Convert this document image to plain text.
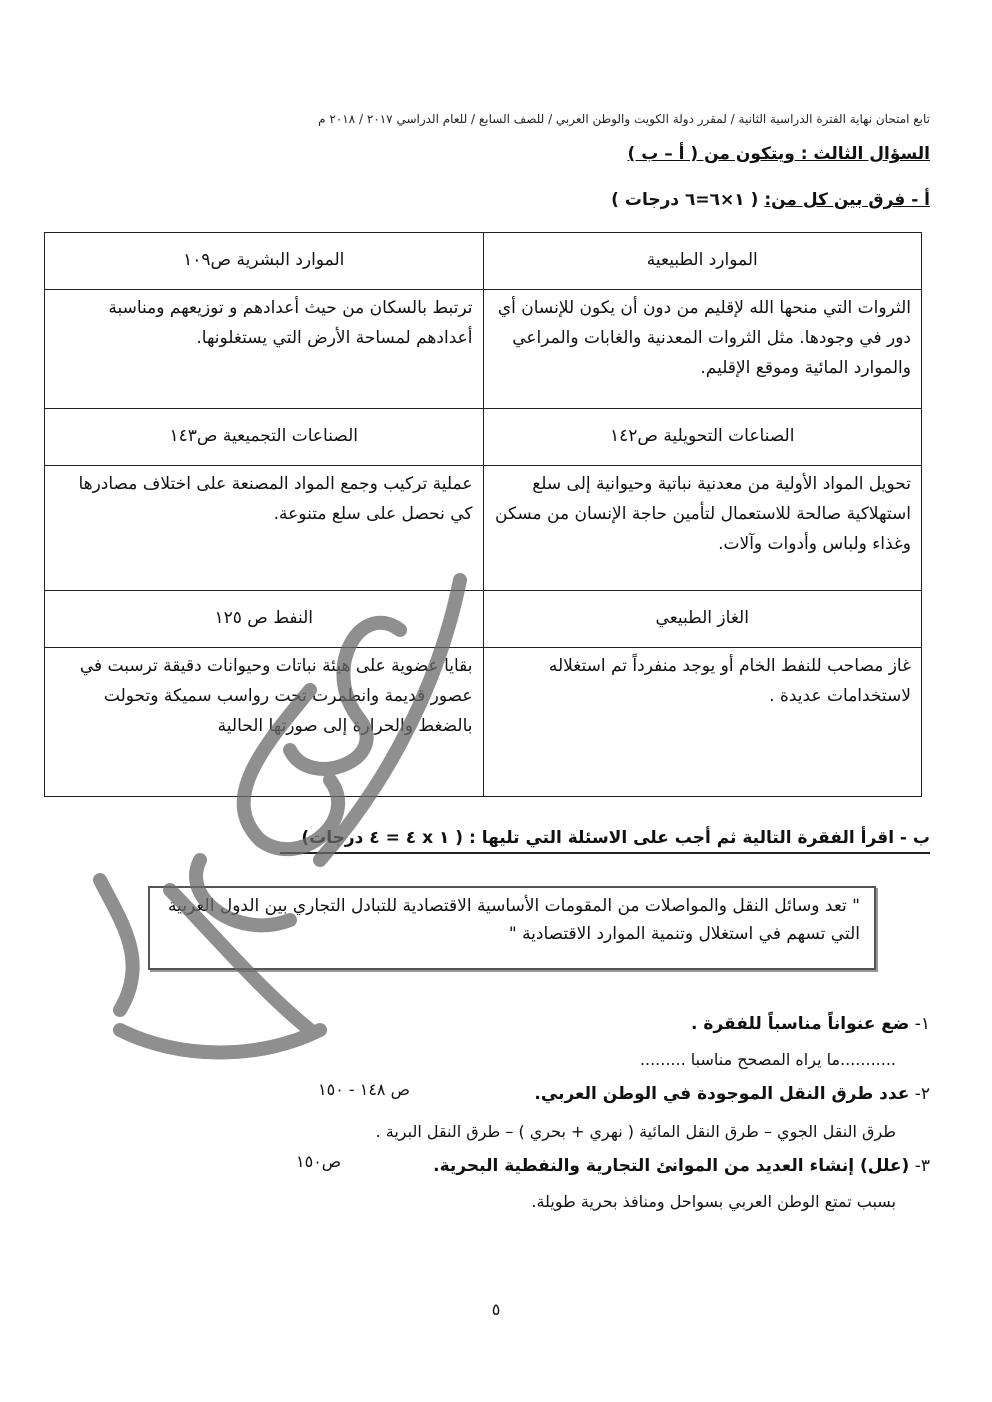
تابع امتحان نهاية الفترة الدراسية الثانية / لمقرر دولة الكويت والوطن العربي / للصف السابع / للعام الدراسي ٢٠١٧ / ٢٠١٨ م
السؤال الثالث : ويتكون من ( أ – ب )
أ - فرق بين كل من: ( ١×٦=٦ درجات )
الموارد الطبيعية	الموارد البشرية ص١٠٩
الثروات التي منحها الله لإقليم من دون أن يكون للإنسان أي دور في وجودها. مثل الثروات المعدنية والغابات والمراعي والموارد المائية وموقع الإقليم.	ترتبط بالسكان من حيث أعدادهم و توزيعهم ومناسبة أعدادهم لمساحة الأرض التي يستغلونها.
الصناعات التحويلية ص١٤٢	الصناعات التجميعية ص١٤٣
تحويل المواد الأولية من معدنية نباتية وحيوانية إلى سلع استهلاكية صالحة للاستعمال لتأمين حاجة الإنسان من مسكن وغذاء ولباس وأدوات وآلات.	عملية تركيب وجمع المواد المصنعة على اختلاف مصادرها كي نحصل على سلع متنوعة.
الغاز الطبيعي	النفط ص ١٢٥
غاز مصاحب للنفط الخام أو يوجد منفرداً تم استغلاله لاستخدامات عديدة .	بقايا عضوية على هيئة نباتات وحيوانات دقيقة ترسبت في عصور قديمة وانطمرت تحت رواسب سميكة وتحولت بالضغط والحرارة إلى صورتها الحالية
ب - اقرأ الفقرة التالية ثم أجب على الاسئلة التي تليها : ( ١ x ٤ = ٤ درجات)
" تعد وسائل النقل والمواصلات من المقومات الأساسية الاقتصادية للتبادل التجاري بين الدول العربية التي تسهم في استغلال وتنمية الموارد الاقتصادية "
١- ضع عنواناً مناسباً للفقرة .
...........ما يراه المصحح مناسبا .........
٢- عدد طرق النقل الموجودة في الوطن العربي.
ص ١٤٨ - ١٥٠
طرق النقل الجوي – طرق النقل المائية ( نهري + بحري ) – طرق النقل البرية .
٣- (علل) إنشاء العديد من الموانئ التجارية والنفطية البحرية.
ص١٥٠
بسبب تمتع الوطن العربي بسواحل ومنافذ بحرية طويلة.
٥
